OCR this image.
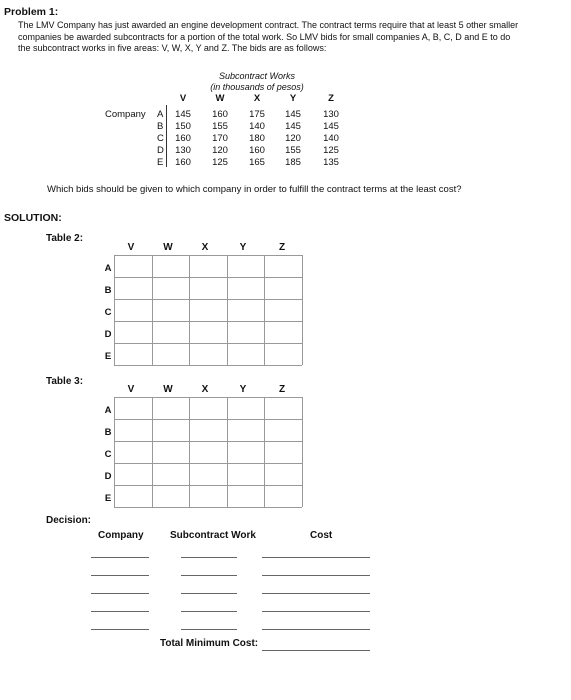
Problem 1:
The LMV Company has just awarded an engine development contract. The contract terms require that at least 5 other smaller
companies be awarded subcontracts for a portion of the total work. So LMV bids for small companies A, B, C, D and E to do
the subcontract works in five areas: V, W, X, Y and Z. The bids are as follows:
Subcontract Works
(in thousands of pesos)
V	W	X	Y	Z
Company A	145	160	175	145	130
B	150	155	140	145	145
C	160	170	180	120	140
D	130	120	160	155	125
E	160	125	165	185	135
Which bids should be given to which company in order to fulfill the contract terms at the least cost?
SOLUTION:
Table 2:
V	W	X	Y	Z
A
B
C
D
E
Table 3:
V	W	X	Y	Z
A
B
C
D
E
Decision:
Company	Subcontract Work	Cost
Total Minimum Cost:
